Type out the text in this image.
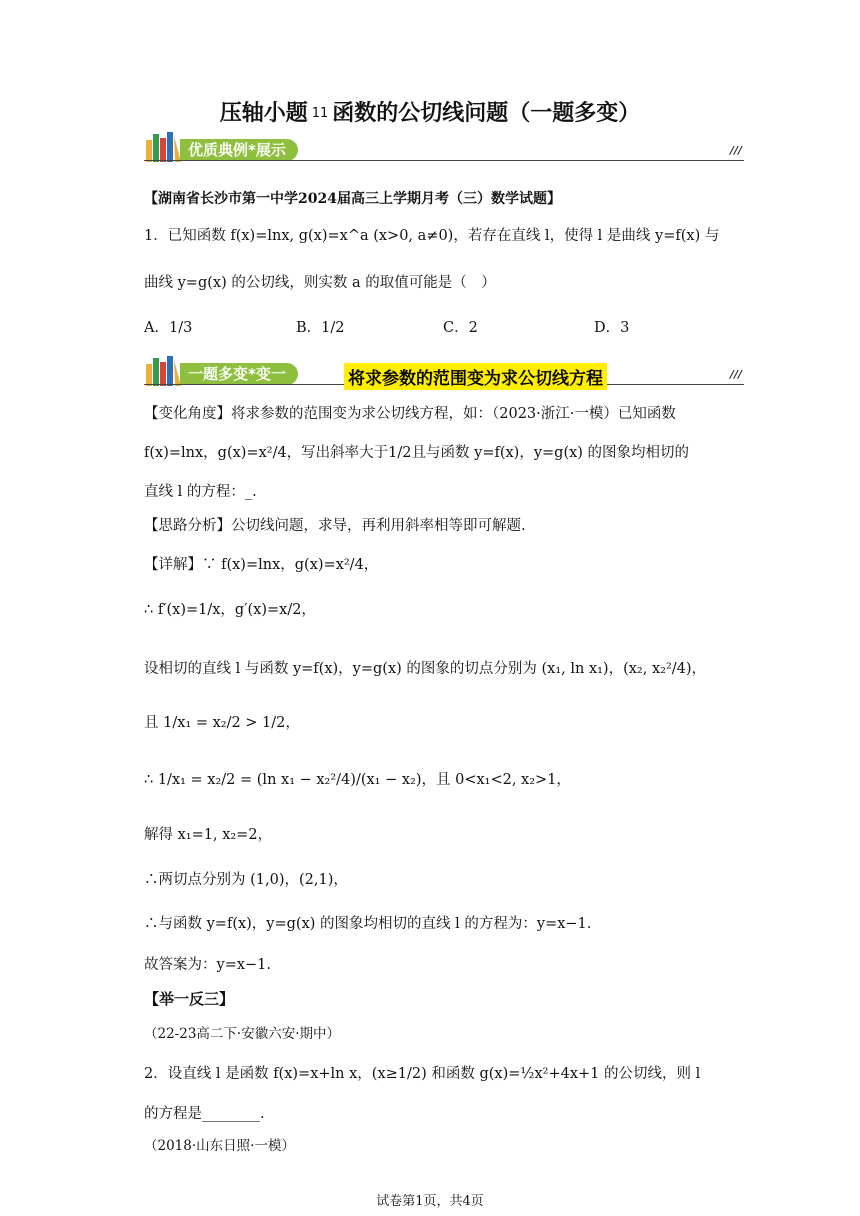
压轴小题 11 函数的公切线问题（一题多变）
优质典例*展示	///
【湖南省长沙市第一中学2024届高三上学期月考（三）数学试题】
1．已知函数 f(x)=lnx, g(x)=x^a (x>0, a≠0)，若存在直线 l，使得 l 是曲线 y=f(x) 与
曲线 y=g(x) 的公切线，则实数 a 的取值可能是（　）
A．1/3	B．1/2	C．2	D．3
一题多变*变一	///
将求参数的范围变为求公切线方程
【变化角度】将求参数的范围变为求公切线方程，如：（2023·浙江·一模）已知函数
f(x)=lnx，g(x)=x²/4，写出斜率大于1/2且与函数 y=f(x)，y=g(x) 的图象均相切的
直线 l 的方程：_.
【思路分析】公切线问题，求导，再利用斜率相等即可解题.
【详解】∵ f(x)=lnx，g(x)=x²/4，
∴ f′(x)=1/x，g′(x)=x/2，
设相切的直线 l 与函数 y=f(x)，y=g(x) 的图象的切点分别为 (x₁, ln x₁)，(x₂, x₂²/4)，
且 1/x₁ = x₂/2 > 1/2，
∴ 1/x₁ = x₂/2 = (ln x₁ − x₂²/4)/(x₁ − x₂)，且 0<x₁<2, x₂>1，
解得 x₁=1, x₂=2，
∴两切点分别为 (1,0)，(2,1)，
∴与函数 y=f(x)，y=g(x) 的图象均相切的直线 l 的方程为：y=x−1.
故答案为：y=x−1.
【举一反三】
（22-23高二下·安徽六安·期中）
2．设直线 l 是函数 f(x)=x+ln x，(x≥1/2) 和函数 g(x)=½x²+4x+1 的公切线，则 l
的方程是________.
（2018·山东日照·一模）
试卷第1页，共4页
